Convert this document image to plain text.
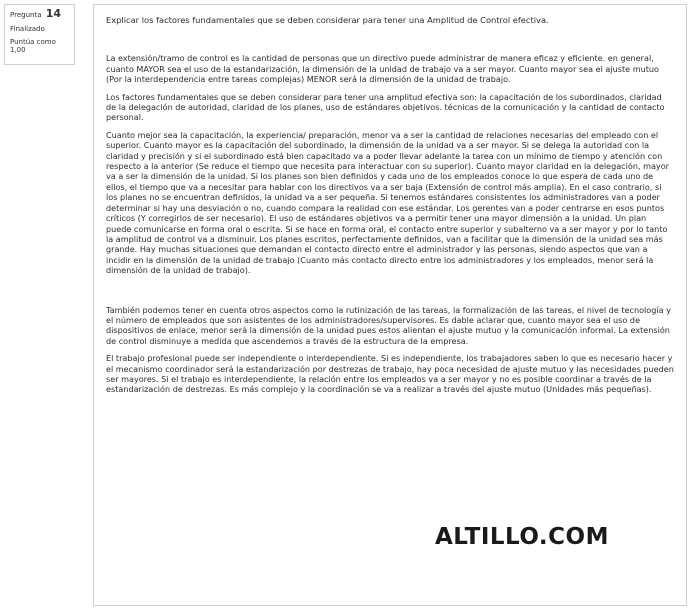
Pregunta 14
Finalizado
Puntúa como
1,00

Explicar los factores fundamentales que se deben considerar para tener una Amplitud de Control efectiva.

La extensión/tramo de control es la cantidad de personas que un directivo puede administrar de manera eficaz y eficiente. en general, cuanto MAYOR sea el uso de la estandarización, la dimensión de la unidad de trabajo va a ser mayor. Cuanto mayor sea el ajuste mutuo (Por la interdependencia entre tareas complejas) MENOR será la dimensión de la unidad de trabajo.

Los factores fundamentales que se deben considerar para tener una amplitud efectiva son: la capacitación de los subordinados, claridad de la delegación de autoridad, claridad de los planes, uso de estándares objetivos. técnicas de la comunicación y la cantidad de contacto personal.

Cuanto mejor sea la capacitación, la experiencia/ preparación, menor va a ser la cantidad de relaciones necesarias del empleado con el superior. Cuanto mayor es la capacitación del subordinado, la dimensión de la unidad va a ser mayor. Si se delega la autoridad con la claridad y precisión y si el subordinado está bien capacitado va a poder llevar adelante la tarea con un mínimo de tiempo y atención con respecto a la anterior (Se reduce el tiempo que necesita para interactuar con su superior). Cuanto mayor claridad en la delegación, mayor va a ser la dimensión de la unidad. Si los planes son bien definidos y cada uno de los empleados conoce lo que espera de cada uno de ellos, el tiempo que va a necesitar para hablar con los directivos va a ser baja (Extensión de control más amplia). En el caso contrario, si los planes no se encuentran definidos, la unidad va a ser pequeña. Si tenemos estándares consistentes los administradores van a poder determinar si hay una desviación o no, cuando compara la realidad con ese estándar. Los gerentes van a poder centrarse en esos puntos críticos (Y corregirlos de ser necesario). El uso de estándares objetivos va a permitir tener una mayor dimensión a la unidad. Un plan puede comunicarse en forma oral o escrita. Si se hace en forma oral, el contacto entre superior y subalterno va a ser mayor y por lo tanto la amplitud de control va a disminuir. Los planes escritos, perfectamente definidos, van a facilitar que la dimensión de la unidad sea más grande. Hay muchas situaciones que demandan el contacto directo entre el administrador y las personas, siendo aspectos que van a incidir en la dimensión de la unidad de trabajo (Cuanto más contacto directo entre los administradores y los empleados, menor será la dimensión de la unidad de trabajo).

También podemos tener en cuenta otros aspectos como la rutinización de las tareas, la formalización de las tareas, el nivel de tecnología y el número de empleados que son asistentes de los administradores/supervisores. Es dable aclarar que, cuanto mayor sea el uso de dispositivos de enlace, menor será la dimensión de la unidad pues estos alientan el ajuste mutuo y la comunicación informal. La extensión de control disminuye a medida que ascendemos a través de la estructura de la empresa.

El trabajo profesional puede ser independiente o interdependiente. Si es independiente, los trabajadores saben lo que es necesario hacer y el mecanismo coordinador será la estandarización por destrezas de trabajo, hay poca necesidad de ajuste mutuo y las necesidades pueden ser mayores. Si el trabajo es interdependiente, la relación entre los empleados va a ser mayor y no es posible coordinar a través de la estandarización de destrezas. Es más complejo y la coordinación se va a realizar a través del ajuste mutuo (Unidades más pequeñas).

ALTILLO.COM
